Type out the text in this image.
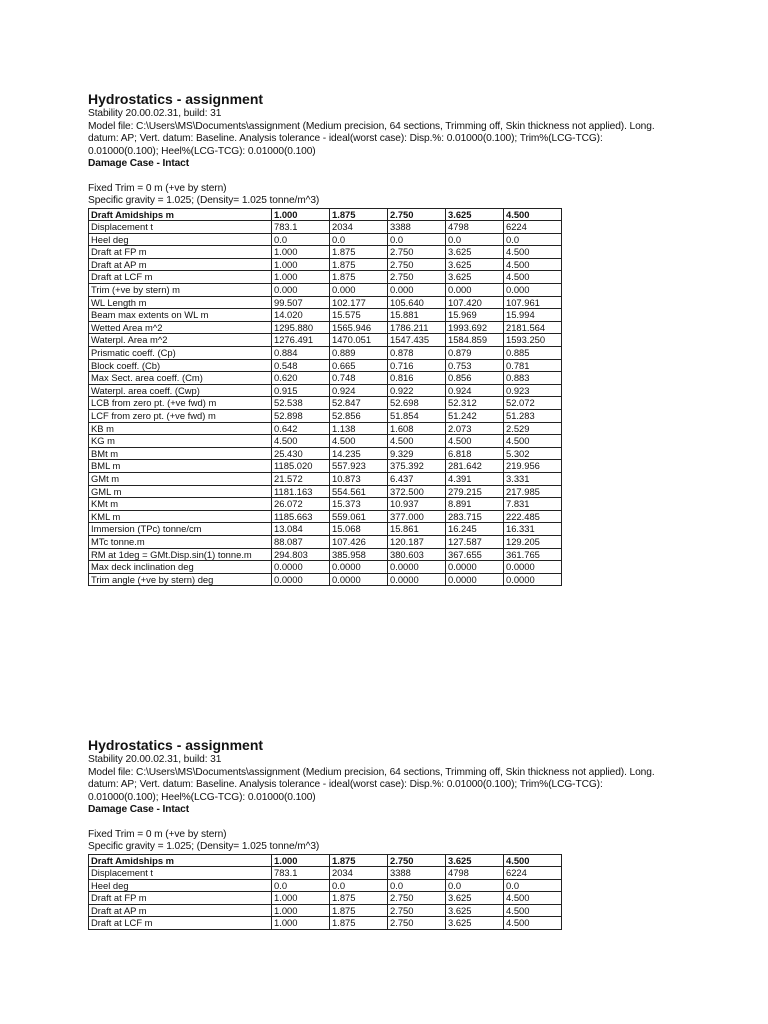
Hydrostatics - assignment

Stability 20.00.02.31, build: 31

Model file: C:\Users\MS\Documents\assignment (Medium precision, 64 sections, Trimming off, Skin thickness not applied). Long. datum: AP; Vert. datum: Baseline. Analysis tolerance - ideal(worst case): Disp.%: 0.01000(0.100); Trim%(LCG-TCG): 0.01000(0.100); Heel%(LCG-TCG): 0.01000(0.100)

Damage Case - Intact

Fixed Trim = 0 m (+ve by stern)

Specific gravity = 1.025; (Density= 1.025 tonne/m^3)

Draft Amidships m	1.000	1.875	2.750	3.625	4.500
Displacement t	783.1	2034	3388	4798	6224
Heel deg	0.0	0.0	0.0	0.0	0.0
Draft at FP m	1.000	1.875	2.750	3.625	4.500
Draft at AP m	1.000	1.875	2.750	3.625	4.500
Draft at LCF m	1.000	1.875	2.750	3.625	4.500
Trim (+ve by stern) m	0.000	0.000	0.000	0.000	0.000
WL Length m	99.507	102.177	105.640	107.420	107.961
Beam max extents on WL m	14.020	15.575	15.881	15.969	15.994
Wetted Area m^2	1295.880	1565.946	1786.211	1993.692	2181.564
Waterpl. Area m^2	1276.491	1470.051	1547.435	1584.859	1593.250
Prismatic coeff. (Cp)	0.884	0.889	0.878	0.879	0.885
Block coeff. (Cb)	0.548	0.665	0.716	0.753	0.781
Max Sect. area coeff. (Cm)	0.620	0.748	0.816	0.856	0.883
Waterpl. area coeff. (Cwp)	0.915	0.924	0.922	0.924	0.923
LCB from zero pt. (+ve fwd) m	52.538	52.847	52.698	52.312	52.072
LCF from zero pt. (+ve fwd) m	52.898	52.856	51.854	51.242	51.283
KB m	0.642	1.138	1.608	2.073	2.529
KG m	4.500	4.500	4.500	4.500	4.500
BMt m	25.430	14.235	9.329	6.818	5.302
BML m	1185.020	557.923	375.392	281.642	219.956
GMt m	21.572	10.873	6.437	4.391	3.331
GML m	1181.163	554.561	372.500	279.215	217.985
KMt m	26.072	15.373	10.937	8.891	7.831
KML m	1185.663	559.061	377.000	283.715	222.485
Immersion (TPc) tonne/cm	13.084	15.068	15.861	16.245	16.331
MTc tonne.m	88.087	107.426	120.187	127.587	129.205
RM at 1deg = GMt.Disp.sin(1) tonne.m	294.803	385.958	380.603	367.655	361.765
Max deck inclination deg	0.0000	0.0000	0.0000	0.0000	0.0000
Trim angle (+ve by stern) deg	0.0000	0.0000	0.0000	0.0000	0.0000
Hydrostatics - assignment

Stability 20.00.02.31, build: 31

Model file: C:\Users\MS\Documents\assignment (Medium precision, 64 sections, Trimming off, Skin thickness not applied). Long. datum: AP; Vert. datum: Baseline. Analysis tolerance - ideal(worst case): Disp.%: 0.01000(0.100); Trim%(LCG-TCG): 0.01000(0.100); Heel%(LCG-TCG): 0.01000(0.100)

Damage Case - Intact

Fixed Trim = 0 m (+ve by stern)

Specific gravity = 1.025; (Density= 1.025 tonne/m^3)

Draft Amidships m	1.000	1.875	2.750	3.625	4.500
Displacement t	783.1	2034	3388	4798	6224
Heel deg	0.0	0.0	0.0	0.0	0.0
Draft at FP m	1.000	1.875	2.750	3.625	4.500
Draft at AP m	1.000	1.875	2.750	3.625	4.500
Draft at LCF m	1.000	1.875	2.750	3.625	4.500
